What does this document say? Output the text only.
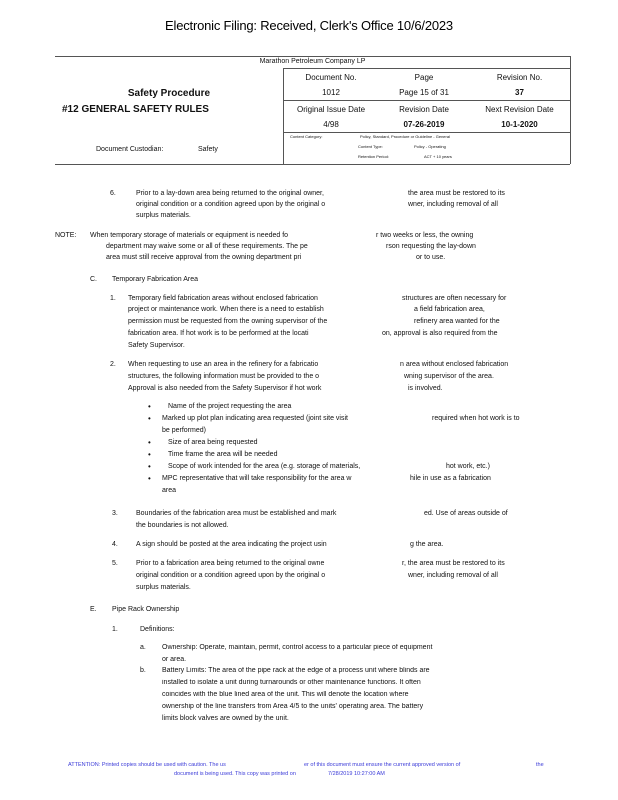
Electronic Filing: Received, Clerk's Office 10/6/2023
Marathon Petroleum Company LP
Safety Procedure
#12 GENERAL SAFETY RULES
Document No.	Page	Revision No.
1012	Page 15 of 31	37
Original Issue Date	Revision Date	Next Revision Date
4/98	07-26-2019	10-1-2020
Document Custodian:	Safety
Content Category:	Policy, Standard, Procedure or Guideline - General
Content Type:	Policy - Operating
Retention Period:	ACT + 10 years
6.	Prior to a lay-down area being returned to the original owner,	the area must be restored to its
original condition or a condition agreed upon by the original o	wner, including removal of all
surplus materials.
NOTE: When temporary storage of materials or equipment is needed fo	r two weeks or less, the owning
department may waive some or all of these requirements. The pe	rson requesting the lay-down
area must still receive approval from the owning department pri	or to use.
C. Temporary Fabrication Area
1. Temporary field fabrication areas without enclosed fabrication	structures are often necessary for
project or maintenance work. When there is a need to establish	a field fabrication area,
permission must be requested from the owning supervisor of the	refinery area wanted for the
fabrication area. If hot work is to be performed at the locati	on, approval is also required from the
Safety Supervisor.
2. When requesting to use an area in the refinery for a fabricatio	n area without enclosed fabrication
structures, the following information must be provided to the o	wning supervisor of the area.
Approval is also needed from the Safety Supervisor if hot work	is involved.
• Name of the project requesting the area
• Marked up plot plan indicating area requested (joint site visit	required when hot work is to
be performed)
• Size of area being requested
• Time frame the area will be needed
• Scope of work intended for the area (e.g. storage of materials,	hot work, etc.)
• MPC representative that will take responsibility for the area w	hile in use as a fabrication
area
3.	Boundaries of the fabrication area must be established and mark	ed. Use of areas outside of
the boundaries is not allowed.
4.	A sign should be posted at the area indicating the project usin	g the area.
5.	Prior to a fabrication area being returned to the original owne	r, the area must be restored to its
original condition or a condition agreed upon by the original o	wner, including removal of all
surplus materials.
E. Pipe Rack Ownership
1.	Definitions:
a. Ownership: Operate, maintain, permit, control access to a particular piece of equipment
or area.
b. Battery Limits: The area of the pipe rack at the edge of a process unit where blinds are
installed to isolate a unit during turnarounds or other maintenance functions. It often
coincides with the blue lined area of the unit. This will denote the location where
ownership of the line transfers from Area 4/5 to the units' operating area. The battery
limits block valves are owned by the unit.
ATTENTION: Printed copies should be used with caution. The us	er of this document must ensure the current approved version of	the
document is being used. This copy was printed on	7/28/2019 10:27:00 AM
